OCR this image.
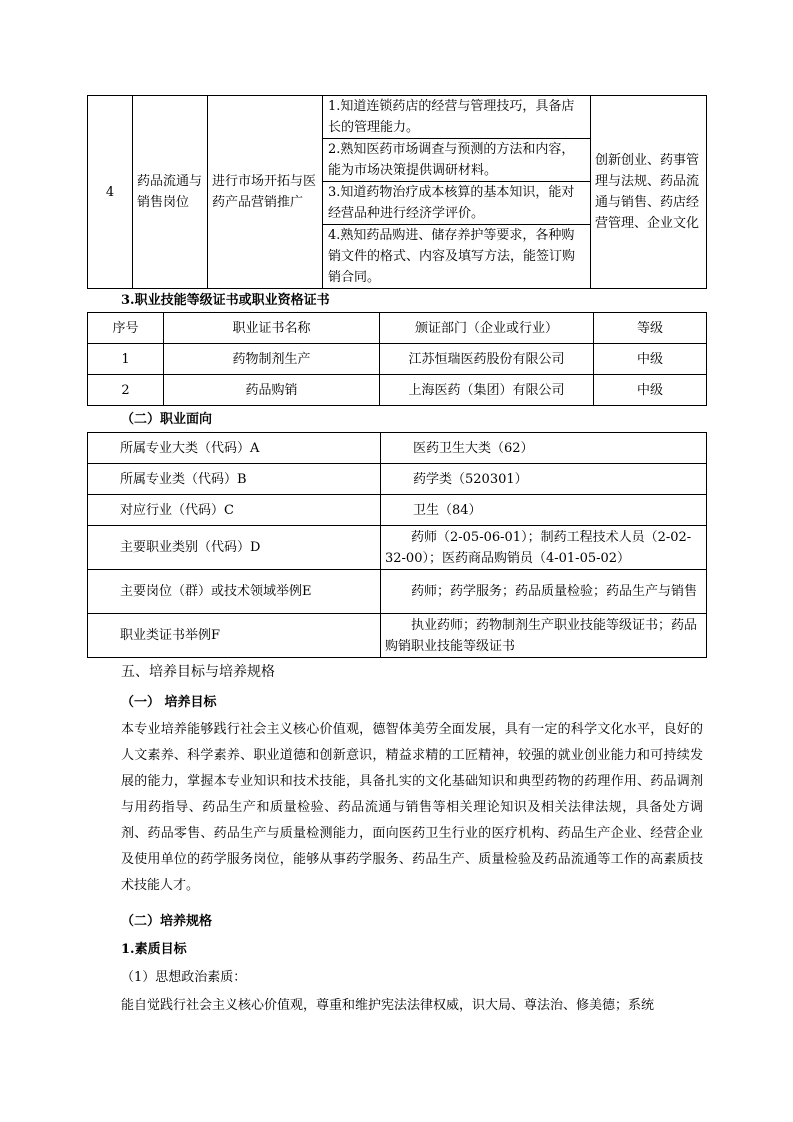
4	药品流通与销售岗位	进行市场开拓与医药产品营销推广	
1.知道连锁药店的经营与管理技巧，具备店长的管理能力。
2.熟知医药市场调查与预测的方法和内容，能为市场决策提供调研材料。
3.知道药物治疗成本核算的基本知识，能对经营品种进行经济学评价。
4.熟知药品购进、储存养护等要求，各种购销文件的格式、内容及填写方法，能签订购销合同。
	创新创业、药事管理与法规、药品流通与销售、药店经营管理、企业文化
3.职业技能等级证书或职业资格证书
序号	职业证书名称	颁证部门（企业或行业）	等级
1	药物制剂生产	江苏恒瑞医药股份有限公司	中级
2	药品购销	上海医药（集团）有限公司	中级
（二）职业面向
所属专业大类（代码）A	医药卫生大类（62）
所属专业类（代码）B	药学类（520301）
对应行业（代码）C	卫生（84）
主要职业类别（代码）D	药师（2-05-06-01）；制药工程技术人员（2-02-32-00）；医药商品购销员（4-01-05-02）
主要岗位（群）或技术领域举例E	药师；药学服务；药品质量检验；药品生产与销售
职业类证书举例F	执业药师；药物制剂生产职业技能等级证书；药品购销职业技能等级证书
五、培养目标与培养规格
（一） 培养目标
本专业培养能够践行社会主义核心价值观，德智体美劳全面发展，具有一定的科学文化水平，良好的人文素养、科学素养、职业道德和创新意识，精益求精的工匠精神，较强的就业创业能力和可持续发展的能力，掌握本专业知识和技术技能，具备扎实的文化基础知识和典型药物的药理作用、药品调剂与用药指导、药品生产和质量检验、药品流通与销售等相关理论知识及相关法律法规，具备处方调剂、药品零售、药品生产与质量检测能力，面向医药卫生行业的医疗机构、药品生产企业、经营企业及使用单位的药学服务岗位，能够从事药学服务、药品生产、质量检验及药品流通等工作的高素质技术技能人才。
（二）培养规格
1.素质目标
（1）思想政治素质：
能自觉践行社会主义核心价值观，尊重和维护宪法法律权威，识大局、尊法治、修美德；系统
